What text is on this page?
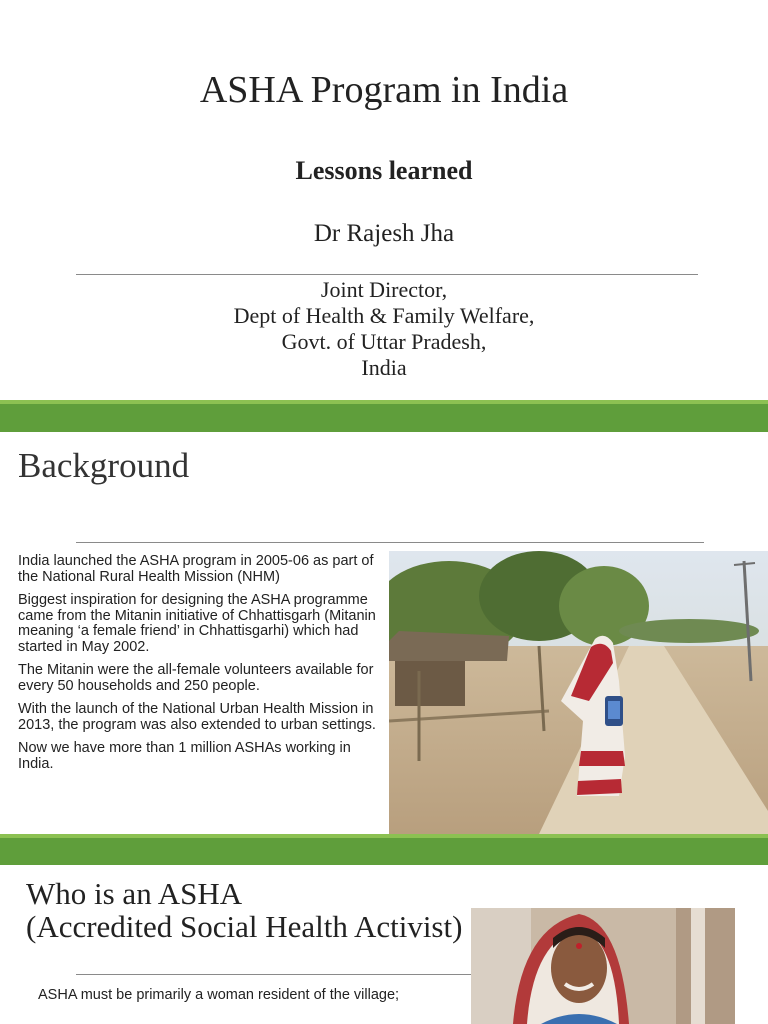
ASHA Program in India
Lessons learned
Dr Rajesh Jha
Joint Director,
Dept of Health & Family Welfare,
Govt. of Uttar Pradesh,
India
Background

India launched the ASHA program in 2005-06 as part of the National Rural Health Mission (NHM)

Biggest inspiration for designing the ASHA programme came from the Mitanin initiative of Chhattisgarh (Mitanin meaning ‘a female friend’ in Chhattisgarhi) which had started in May 2002.

The Mitanin were the all-female volunteers available for every 50 households and 250 people.

With the launch of the National Urban Health Mission in 2013, the program was also extended to urban settings.

Now we have more than 1 million ASHAs working in India.

Who is an ASHA
(Accredited Social Health Activist)
ASHA must be primarily a woman resident of the village;
